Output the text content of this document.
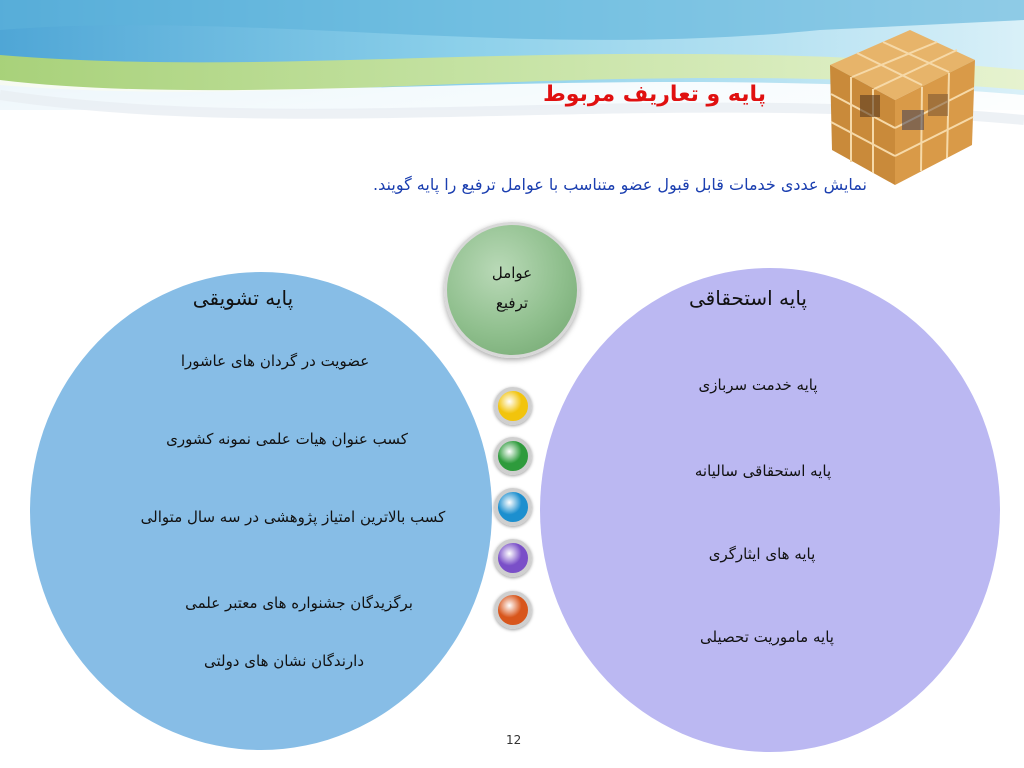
پایه و تعاریف مربوط
نمایش عددی خدمات قابل قبول عضو متناسب با عوامل ترفیع را پایه گویند.
پایه تشویقی
عضویت در گردان های عاشورا
کسب عنوان هیات علمی نمونه کشوری
کسب بالاترین امتیاز پژوهشی در سه سال متوالی
برگزیدگان جشنواره های معتبر علمی
دارندگان نشان های دولتی
پایه استحقاقی
پایه خدمت سربازی
پایه استحقاقی سالیانه
پایه های ایثارگری
پایه ماموریت تحصیلی
عوامل
ترفیع
12
